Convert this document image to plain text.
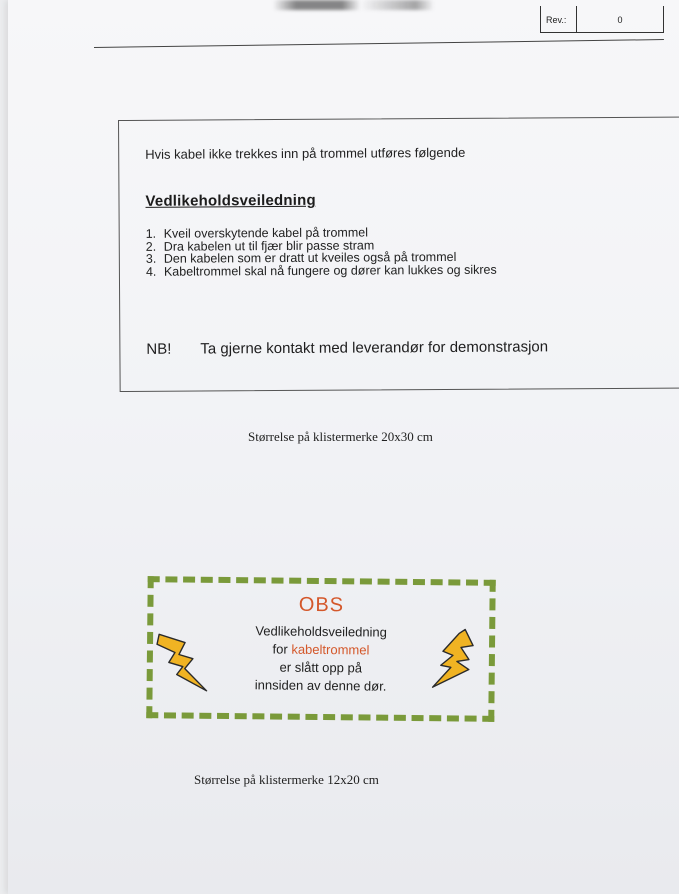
Rev.:	0
Hvis kabel ikke trekkes inn på trommel utføres følgende
Vedlikeholdsveiledning
1. Kveil overskytende kabel på trommel
2. Dra kabelen ut til fjær blir passe stram
3. Den kabelen som er dratt ut kveiles også på trommel
4. Kabeltrommel skal nå fungere og dører kan lukkes og sikres
NB!	Ta gjerne kontakt med leverandør for demonstrasjon
Størrelse på klistermerke 20x30 cm
OBS
Vedlikeholdsveiledning
for kabeltrommel
er slått opp på
innsiden av denne dør.
Størrelse på klistermerke 12x20 cm
